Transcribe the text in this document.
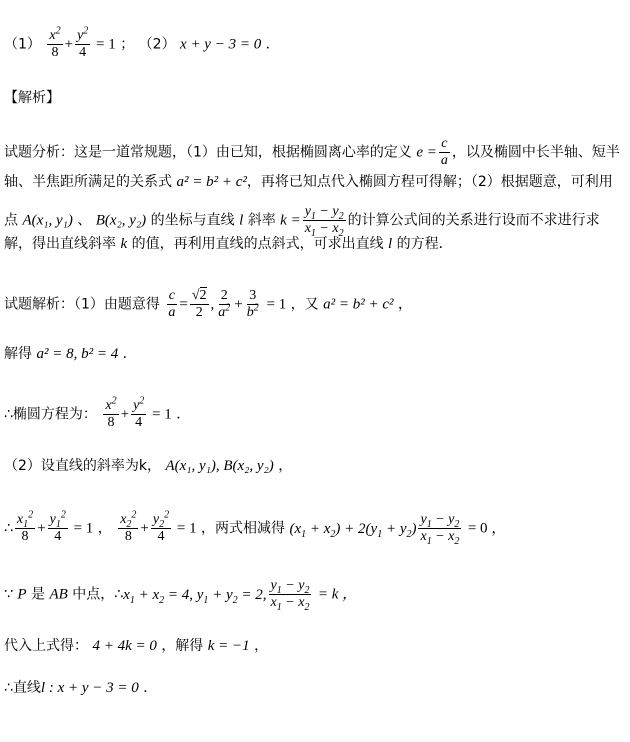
$(1) \frac{x^2}{8} + \frac{y^2}{4} = 1$ ； （2） x + y − 3 = 0 ．
【解析】
试题分析：这是一道常规题，（1）由已知，根据椭圆离心率的定义 $e = \frac{c}{a}$ ，以及椭圆中长半轴、短半
轴、半焦距所满足的关系式 a² = b² + c²，再将已知点代入椭圆方程可得解；（2）根据题意，可利用
点 A(x₁, y₁) 、 B(x₂, y₂) 的坐标与直线 l 斜率 $k = \frac{y_1 - y_2}{x_1 - x_2}$ 的计算公式间的关系进行设而不求进行求
解，得出直线斜率 k 的值，再利用直线的点斜式，可求出直线 l 的方程．
试题解析：（1）由题意得 $\frac{c}{a} = \frac{√2}{2}$ , $\frac{2}{a^2} + \frac{3}{b^2} = 1$ ，又 a² = b² + c² ，
解得 a² = 8, b² = 4 ．
∴椭圆方程为： $\frac{x^2}{8} + \frac{y^2}{4} = 1$ ．
（2）设直线的斜率为k， A(x₁, y₁), B(x₂, y₂) ，
∴ $\frac{x_1^2}{8} + \frac{y_1^2}{4} = 1$ ， $\frac{x_2^2}{8} + \frac{y_2^2}{4} = 1$ ，两式相减得 $(x_1 + x_2) + 2(y_1 + y_2) \frac{y_1 - y_2}{x_1 - x_2} = 0$ ，
∵ P 是 AB 中点，$\therefore x_1 + x_2 = 4$, $y_1 + y_2 = 2$, $\frac{y_1 - y_2}{x_1 - x_2} = k$ ，
代入上式得： 4 + 4k = 0 ，解得 k = −1 ，
∴直线l : x + y − 3 = 0 ．
